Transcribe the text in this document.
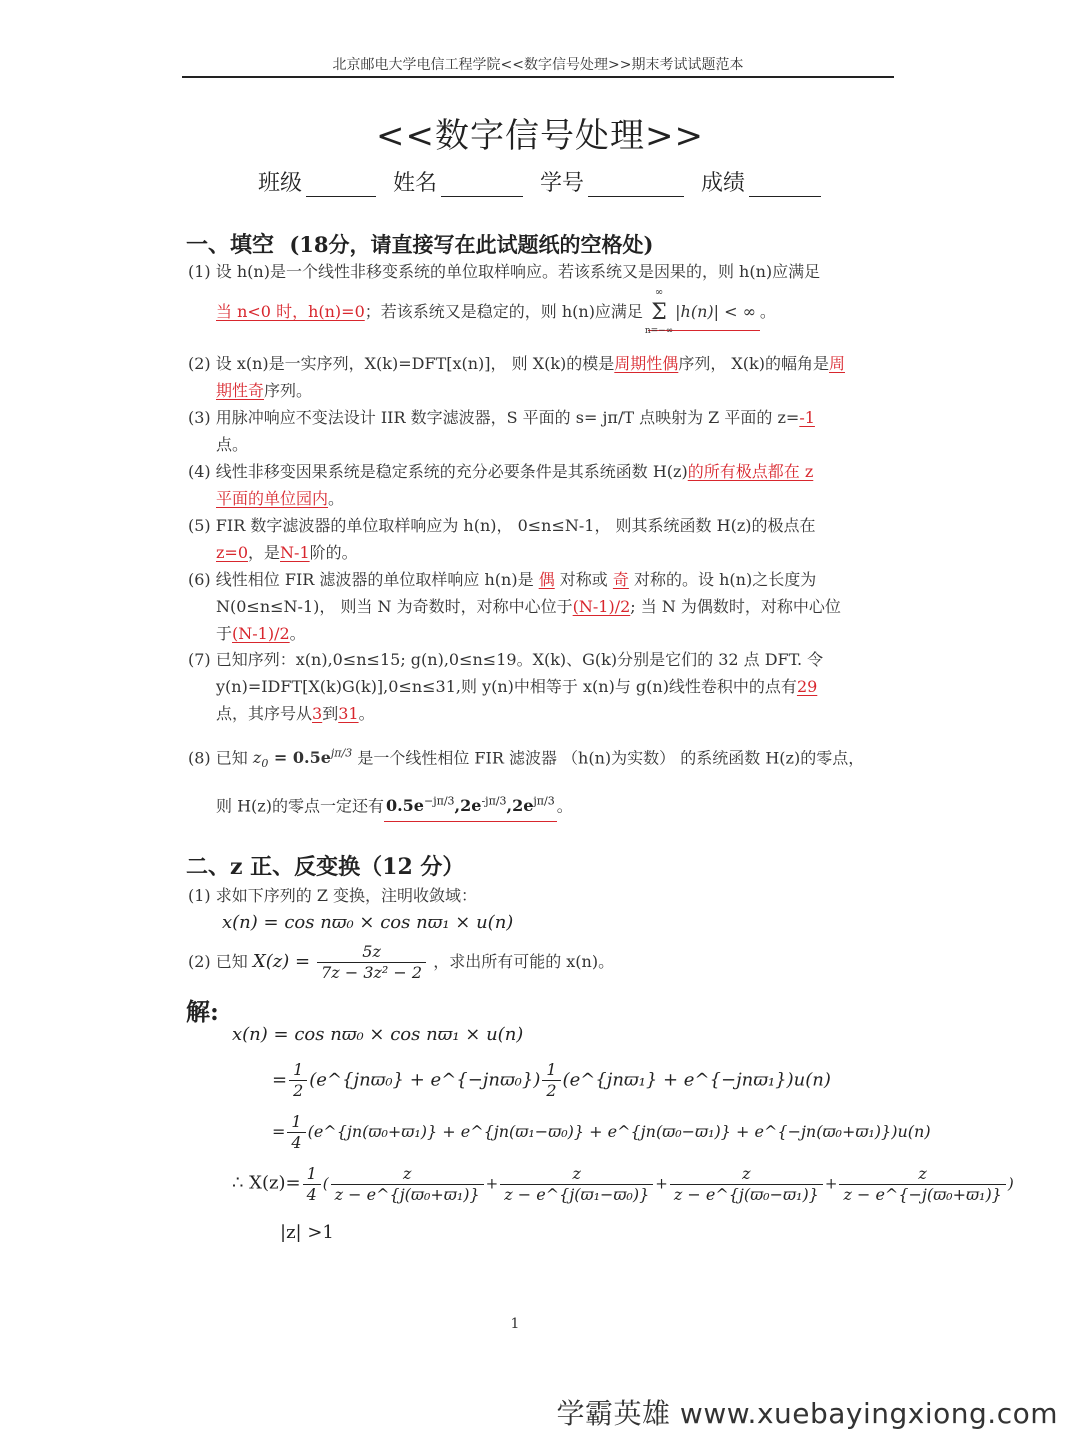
北京邮电大学电信工程学院<<数字信号处理>>期末考试试题范本
<<数字信号处理>>
班级	姓名	学号	成绩
一、填空 (18分，请直接写在此试题纸的空格处)
(1) 设 h(n)是一个线性非移变系统的单位取样响应。若该系统又是因果的，则 h(n)应满足
当 n<0 时，h(n)=0；若该系统又是稳定的，则 h(n)应满足 Σ
∞
n=−∞
|h(n)| < ∞ 。
(2) 设 x(n)是一实序列，X(k)=DFT[x(n)]， 则 X(k)的模是周期性偶序列， X(k)的幅角是周
期性奇序列。
(3) 用脉冲响应不变法设计 IIR 数字滤波器，S 平面的 s= jπ/T 点映射为 Z 平面的 z=-1
点。
(4) 线性非移变因果系统是稳定系统的充分必要条件是其系统函数 H(z)的所有极点都在 z
平面的单位园内。
(5) FIR 数字滤波器的单位取样响应为 h(n)， 0≤n≤N-1， 则其系统函数 H(z)的极点在
z=0，是N-1阶的。
(6) 线性相位 FIR 滤波器的单位取样响应 h(n)是 偶 对称或 奇 对称的。设 h(n)之长度为
N(0≤n≤N-1)， 则当 N 为奇数时，对称中心位于(N-1)/2; 当 N 为偶数时，对称中心位
于(N-1)/2。
(7) 已知序列：x(n),0≤n≤15; g(n),0≤n≤19。X(k)、G(k)分别是它们的 32 点 DFT. 令
y(n)=IDFT[X(k)G(k)],0≤n≤31,则 y(n)中相等于 x(n)与 g(n)线性卷积中的点有29
点，其序号从3到31。
(8) 已知 $z_0 = 0.5e^{j\pi/3}$ 是一个线性相位 FIR 滤波器 （h(n)为实数） 的系统函数 H(z)的零点，
则 H(z)的零点一定还有 $0.5e^{-j\pi/3},2e^{-j\pi/3},2e^{j\pi/3}$ 。
二、z 正、反变换（12 分）
(1) 求如下序列的 Z 变换，注明收敛域：
x(n) = cos nϖ₀ × cos nϖ₁ × u(n)
(2) 已知 $X(z) = \frac{5z}{\text{7z − 3z² − 2}}$ ，求出所有可能的 x(n)。
解:
x(n) = cos nϖ₀ × cos nϖ₁ × u(n)
= $\frac{1}{2}$ (e^{jnϖ₀} + e^{−jnϖ₀}) $\frac{1}{2}$ (e^{jnϖ₁} + e^{−jnϖ₁})u(n)
= $\frac{1}{4}$ (e^{jn(ϖ₀+ϖ₁)} + e^{jn(ϖ₁−ϖ₀)} + e^{jn(ϖ₀−ϖ₁)} + e^{−jn(ϖ₀+ϖ₁)})u(n)
∴ $X(z)= \frac{1}{4}$ ( $\frac{z}{\text{z − e\textasciicircum{}\{j(ϖ₀+ϖ₁)\}}} + \frac{z}{\text{z − e\textasciicircum{}\{j(ϖ₁−ϖ₀)\}}} + \frac{z}{\text{z − e\textasciicircum{}\{j(ϖ₀−ϖ₁)\}}} + \frac{z}{\text{z − e\textasciicircum{}\{−j(ϖ₀+ϖ₁)\}}}$ )
|z| >1
1
学霸英雄 www.xuebayingxiong.com
